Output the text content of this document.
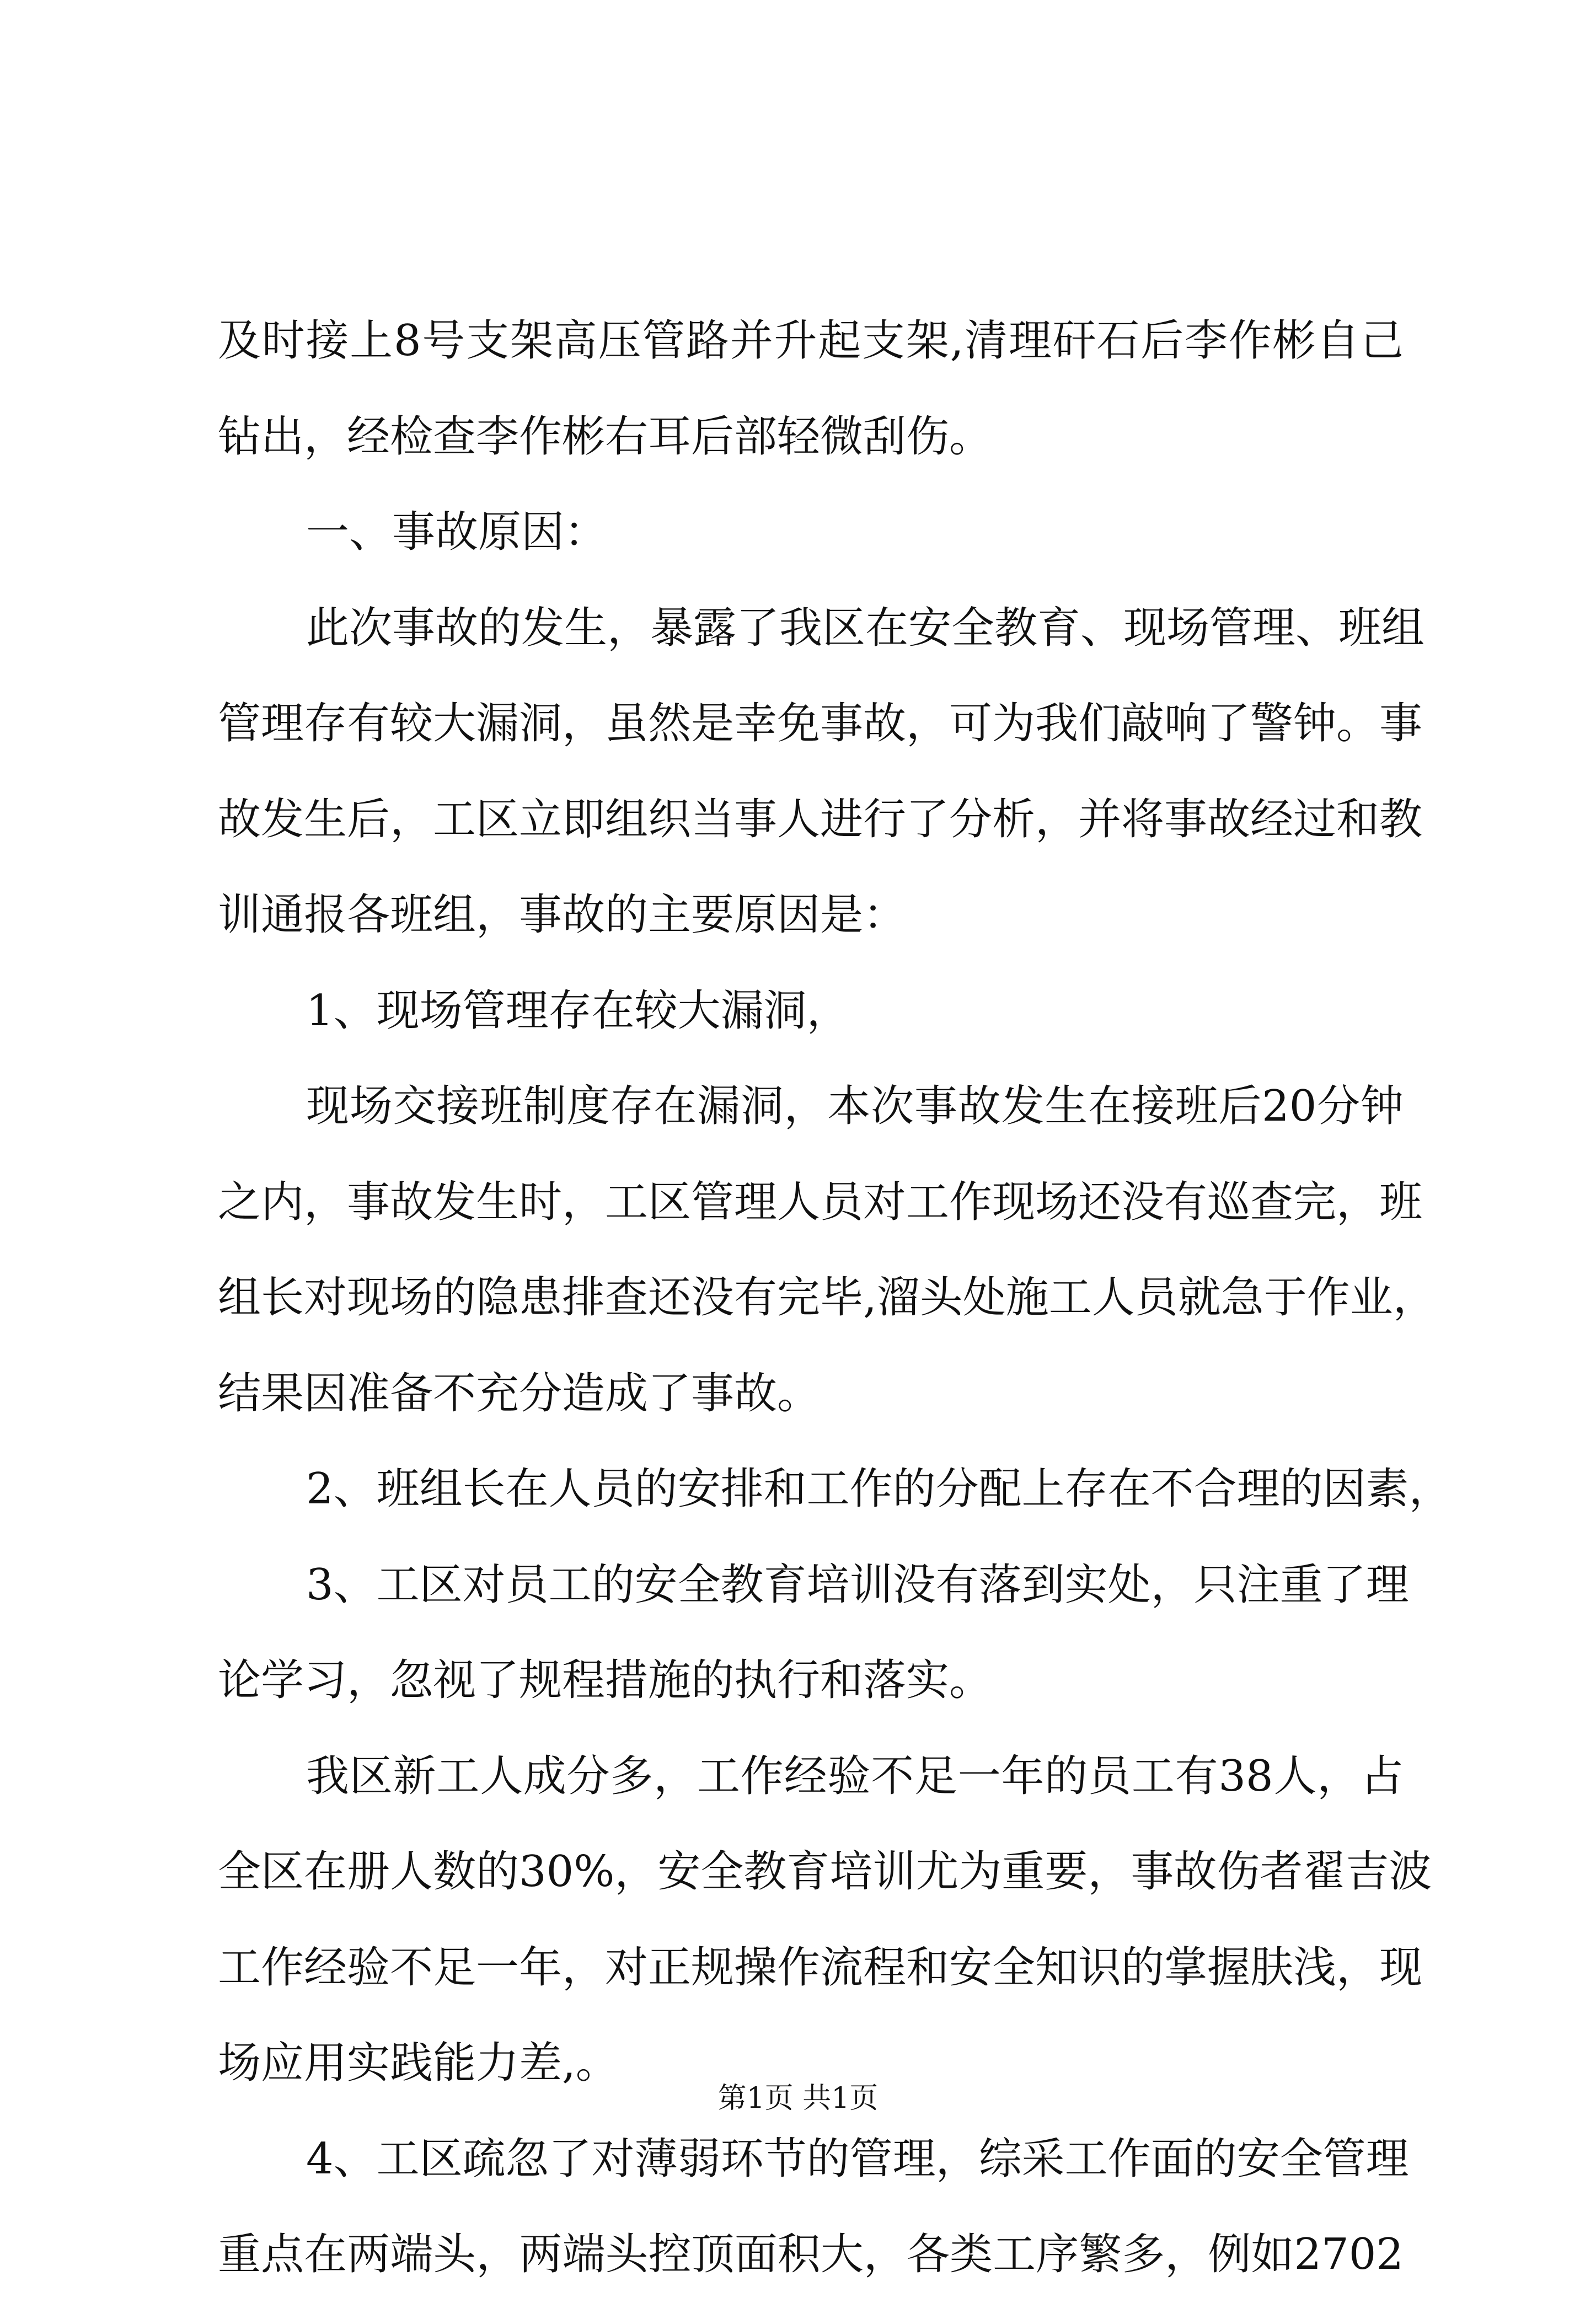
及时接上8号支架高压管路并升起支架,清理矸石后李作彬自己
钻出，经检查李作彬右耳后部轻微刮伤。
一、事故原因：
此次事故的发生，暴露了我区在安全教育、现场管理、班组
管理存有较大漏洞，虽然是幸免事故，可为我们敲响了警钟。事
故发生后，工区立即组织当事人进行了分析，并将事故经过和教
训通报各班组，事故的主要原因是：
1、现场管理存在较大漏洞，
现场交接班制度存在漏洞，本次事故发生在接班后20分钟
之内，事故发生时，工区管理人员对工作现场还没有巡查完，班
组长对现场的隐患排查还没有完毕,溜头处施工人员就急于作业，
结果因准备不充分造成了事故。
2、班组长在人员的安排和工作的分配上存在不合理的因素，
3、工区对员工的安全教育培训没有落到实处，只注重了理
论学习，忽视了规程措施的执行和落实。
我区新工人成分多，工作经验不足一年的员工有38人，占
全区在册人数的30%，安全教育培训尤为重要，事故伤者翟吉波
工作经验不足一年，对正规操作流程和安全知识的掌握肤浅，现
场应用实践能力差,。
4、工区疏忽了对薄弱环节的管理，综采工作面的安全管理
重点在两端头，两端头控顶面积大，各类工序繁多，例如2702
第1页 共1页
